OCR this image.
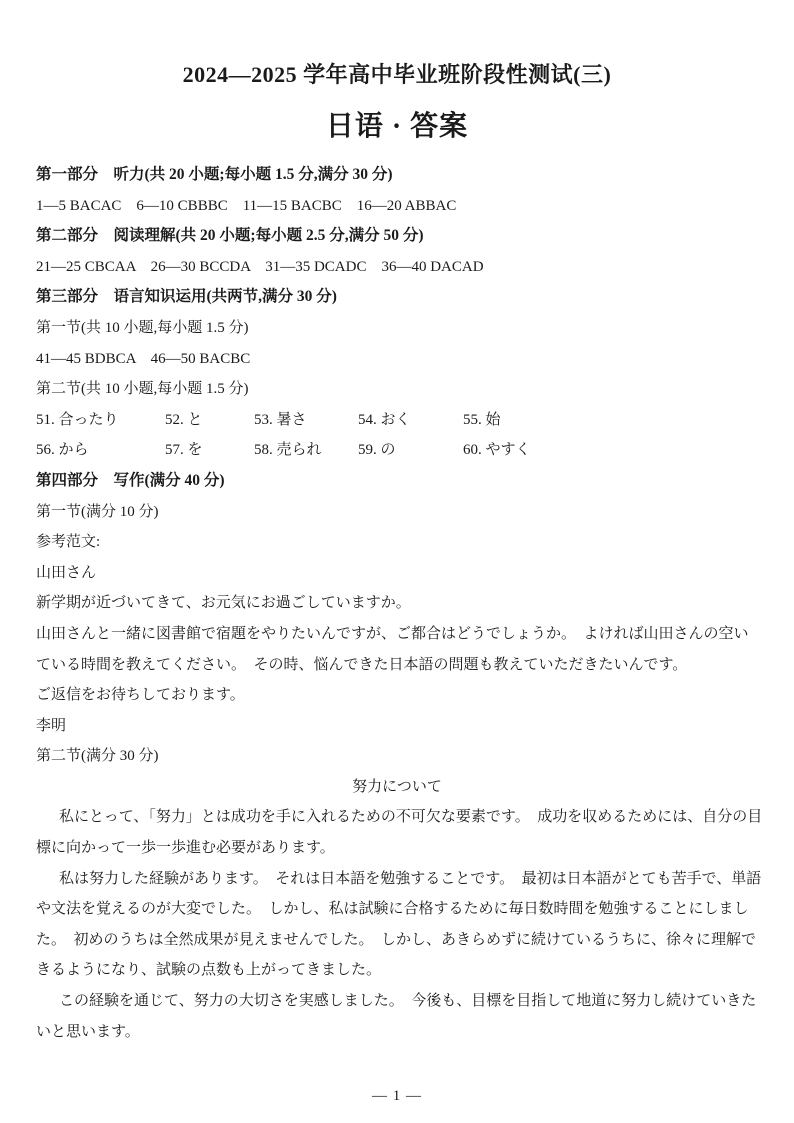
2024—2025 学年高中毕业班阶段性测试(三)
日语 · 答案
第一部分　听力(共 20 小题;每小题 1.5 分,满分 30 分)
1—5 BACAC    6—10 CBBBC    11—15 BACBC    16—20 ABBAC
第二部分　阅读理解(共 20 小题;每小题 2.5 分,满分 50 分)
21—25 CBCAA    26—30 BCCDA    31—35 DCADC    36—40 DACAD
第三部分　语言知识运用(共两节,满分 30 分)
第一节(共 10 小题,每小题 1.5 分)
41—45 BDBCA    46—50 BACBC
第二节(共 10 小题,每小题 1.5 分)
51. 合ったり	52. と	53. 暑さ	54. おく	55. 始
56. から	57. を	58. 売られ	59. の	60. やすく
第四部分　写作(满分 40 分)
第一节(满分 10 分)
参考范文:
山田さん
新学期が近づいてきて、お元気にお過ごしていますか。
山田さんと一緒に図書館で宿題をやりたいんですが、ご都合はどうでしょうか。　よければ山田さんの空い
ている時間を教えてください。　その時、悩んできた日本語の問題も教えていただきたいんです。
ご返信をお待ちしております。
李明
第二节(满分 30 分)
努力について
私にとって、「努力」とは成功を手に入れるための不可欠な要素です。　成功を収めるためには、自分の目
標に向かって一歩一歩進む必要があります。
私は努力した経験があります。　それは日本語を勉強することです。　最初は日本語がとても苦手で、単語
や文法を覚えるのが大変でした。　しかし、私は試験に合格するために毎日数時間を勉強することにしまし
た。　初めのうちは全然成果が見えませんでした。　しかし、あきらめずに続けているうちに、徐々に理解で
きるようになり、試験の点数も上がってきました。
この経験を通じて、努力の大切さを実感しました。　今後も、目標を目指して地道に努力し続けていきた
いと思います。
— 1 —
